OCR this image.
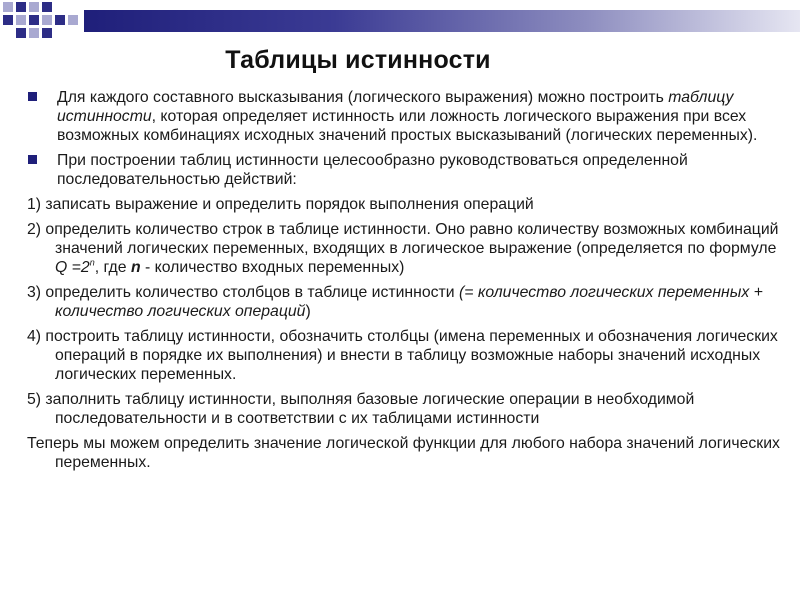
Таблицы истинности
Для каждого составного высказывания (логического выражения) можно построить таблицу истинности, которая определяет истинность или ложность логического выражения при всех возможных комбинациях исходных значений простых высказываний (логических переменных).
При построении таблиц истинности целесообразно руководствоваться определенной последовательностью действий:
1) записать выражение и определить порядок выполнения операций
2) определить количество строк в таблице истинности. Оно равно количеству возможных комбинаций значений логических переменных, входящих в логическое выражение (определяется по формуле $Q =2^n$, где n - количество входных переменных)
3) определить количество столбцов в таблице истинности (= количество логических переменных + количество логических операций)
4) построить таблицу истинности, обозначить столбцы (имена переменных и обозначения логических операций в порядке их выполнения) и внести в таблицу возможные наборы значений исходных логических переменных.
5) заполнить таблицу истинности, выполняя базовые логические операции в необходимой последовательности и в соответствии с их таблицами истинности
Теперь мы можем определить значение логической функции для любого набора значений логических переменных.
